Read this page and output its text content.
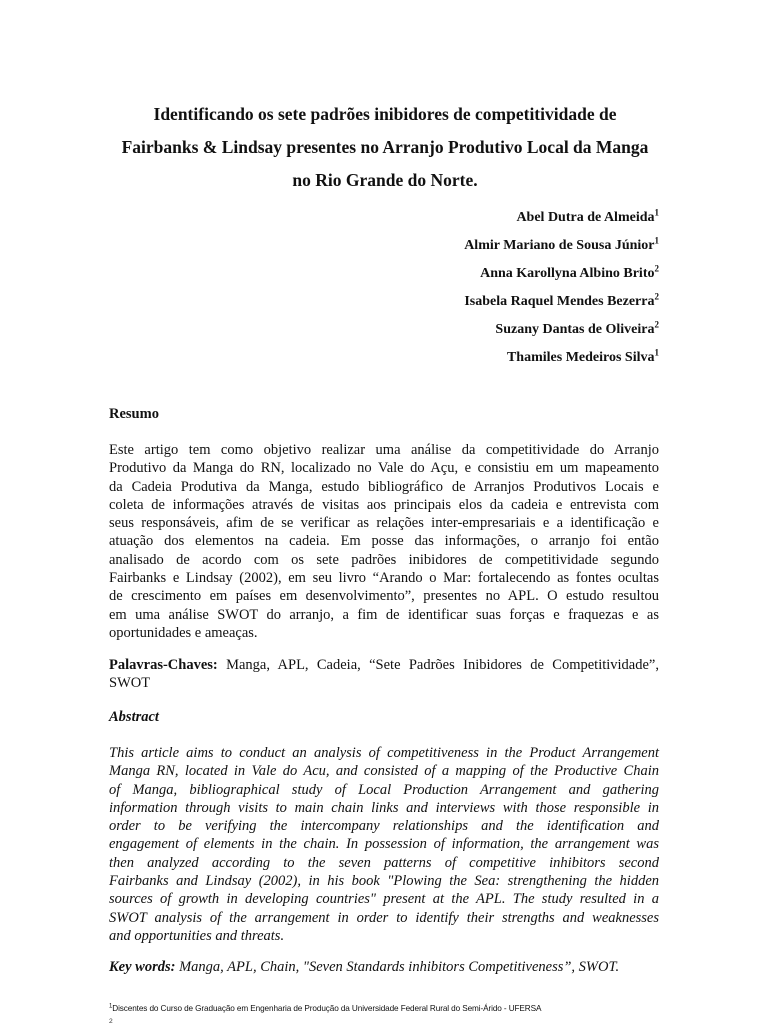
Identificando os sete padrões inibidores de competitividade de
Fairbanks & Lindsay presentes no Arranjo Produtivo Local da Manga
no Rio Grande do Norte.
Abel Dutra de Almeida$^1$
Almir Mariano de Sousa Júnior$^1$
Anna Karollyna Albino Brito$^2$
Isabela Raquel Mendes Bezerra$^2$
Suzany Dantas de Oliveira$^2$
Thamiles Medeiros Silva$^1$
Resumo
Este artigo tem como objetivo realizar uma análise da competitividade do Arranjo
Produtivo da Manga do RN, localizado no Vale do Açu, e consistiu em um mapeamento
da Cadeia Produtiva da Manga, estudo bibliográfico de Arranjos Produtivos Locais e
coleta de informações através de visitas aos principais elos da cadeia e entrevista com
seus responsáveis, afim de se verificar as relações inter-empresariais e a identificação e
atuação dos elementos na cadeia. Em posse das informações, o arranjo foi então
analisado de acordo com os sete padrões inibidores de competitividade segundo
Fairbanks e Lindsay (2002), em seu livro “Arando o Mar: fortalecendo as fontes ocultas
de crescimento em países em desenvolvimento”, presentes no APL. O estudo resultou
em uma análise SWOT do arranjo, a fim de identificar suas forças e fraquezas e as
oportunidades e ameaças.
Palavras-Chaves: Manga, APL, Cadeia, “Sete Padrões Inibidores de Competitividade”,
SWOT
Abstract
This article aims to conduct an analysis of competitiveness in the Product Arrangement
Manga RN, located in Vale do Acu, and consisted of a mapping of the Productive Chain
of Manga, bibliographical study of Local Production Arrangement and gathering
information through visits to main chain links and interviews with those responsible in
order to be verifying the intercompany relationships and the identification and
engagement of elements in the chain. In possession of information, the arrangement was
then analyzed according to the seven patterns of competitive inhibitors second
Fairbanks and Lindsay (2002), in his book "Plowing the Sea: strengthening the hidden
sources of growth in developing countries" present at the APL. The study resulted in a
SWOT analysis of the arrangement in order to identify their strengths and weaknesses
and opportunities and threats.
Key words: Manga, APL, Chain, "Seven Standards inhibitors Competitiveness”, SWOT.
$^1$Discentes do Curso de Graduação em Engenharia de Produção da Universidade Federal Rural do Semi-Árido - UFERSA
$^2$
